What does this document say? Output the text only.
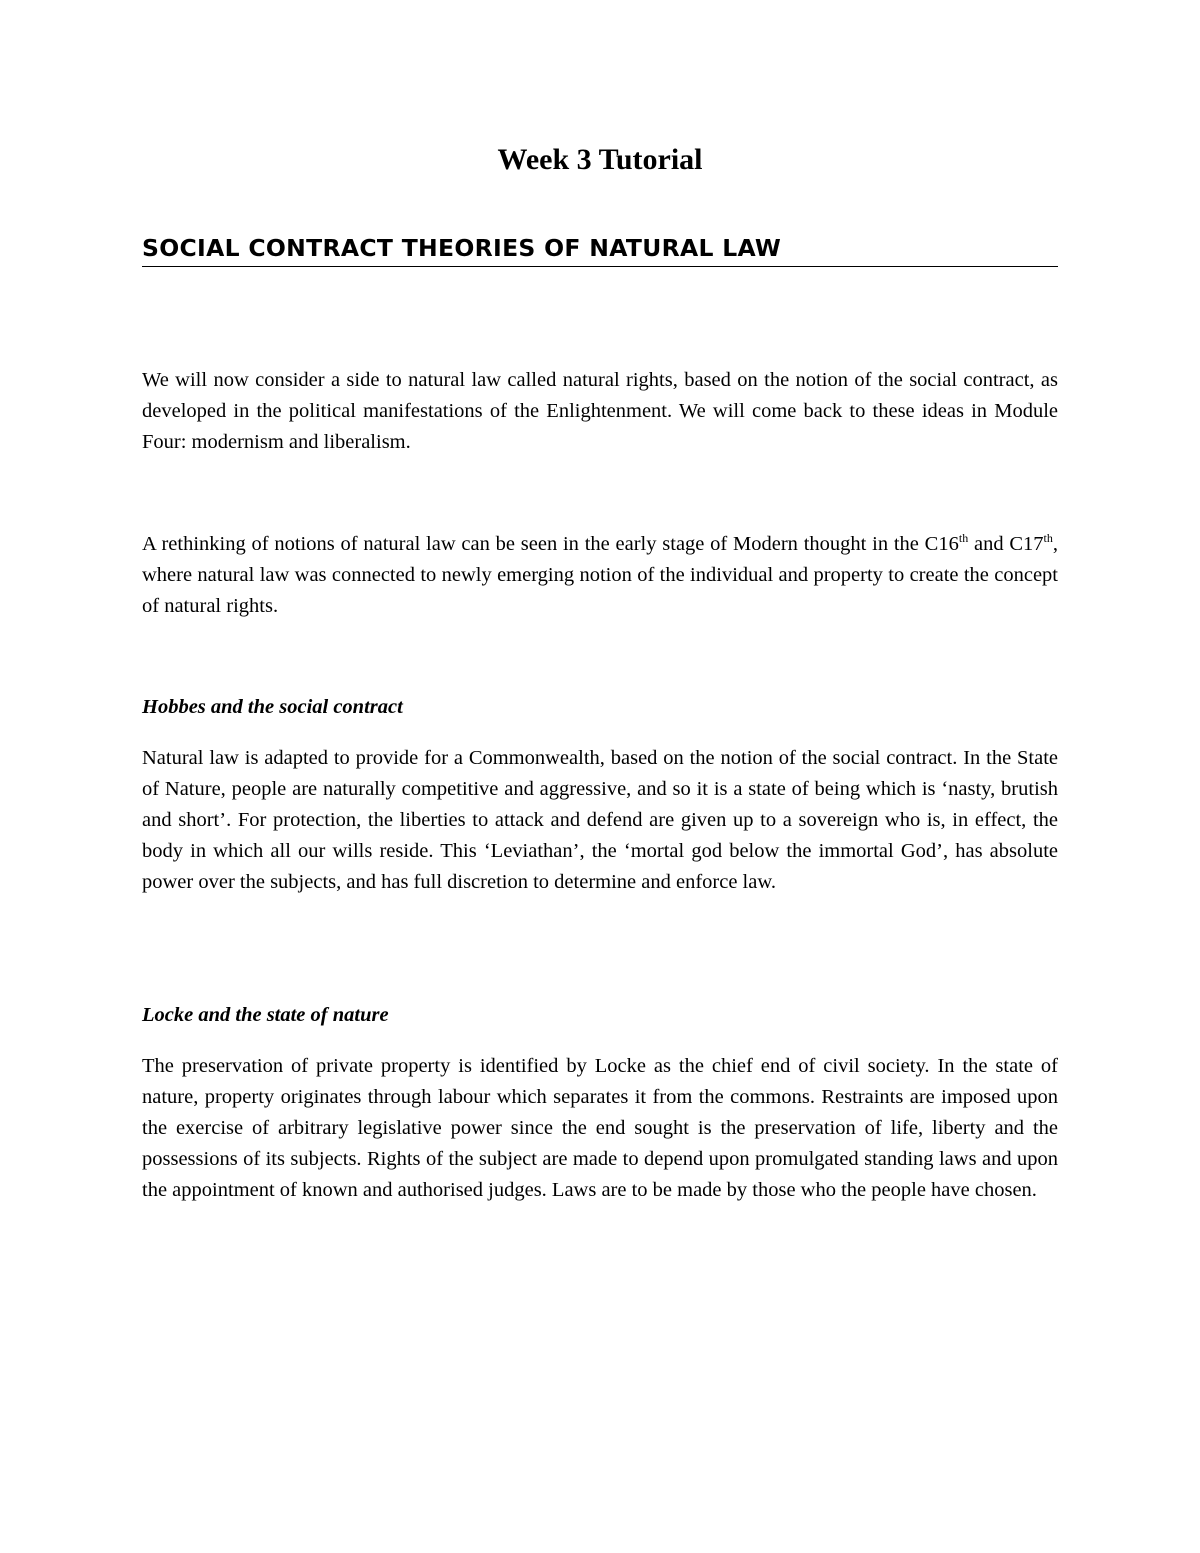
Week 3 Tutorial
SOCIAL CONTRACT THEORIES OF NATURAL LAW

We will now consider a side to natural law called natural rights, based on the notion of the social contract, as developed in the political manifestations of the Enlightenment. We will come back to these ideas in Module Four: modernism and liberalism.

A rethinking of notions of natural law can be seen in the early stage of Modern thought in the C16th and C17th, where natural law was connected to newly emerging notion of the individual and property to create the concept of natural rights.

Hobbes and the social contract

Natural law is adapted to provide for a Commonwealth, based on the notion of the social contract. In the State of Nature, people are naturally competitive and aggressive, and so it is a state of being which is ‘nasty, brutish and short’. For protection, the liberties to attack and defend are given up to a sovereign who is, in effect, the body in which all our wills reside. This ‘Leviathan’, the ‘mortal god below the immortal God’, has absolute power over the subjects, and has full discretion to determine and enforce law.

Locke and the state of nature

The preservation of private property is identified by Locke as the chief end of civil society. In the state of nature, property originates through labour which separates it from the commons. Restraints are imposed upon the exercise of arbitrary legislative power since the end sought is the preservation of life, liberty and the possessions of its subjects. Rights of the subject are made to depend upon promulgated standing laws and upon the appointment of known and authorised judges. Laws are to be made by those who the people have chosen.
